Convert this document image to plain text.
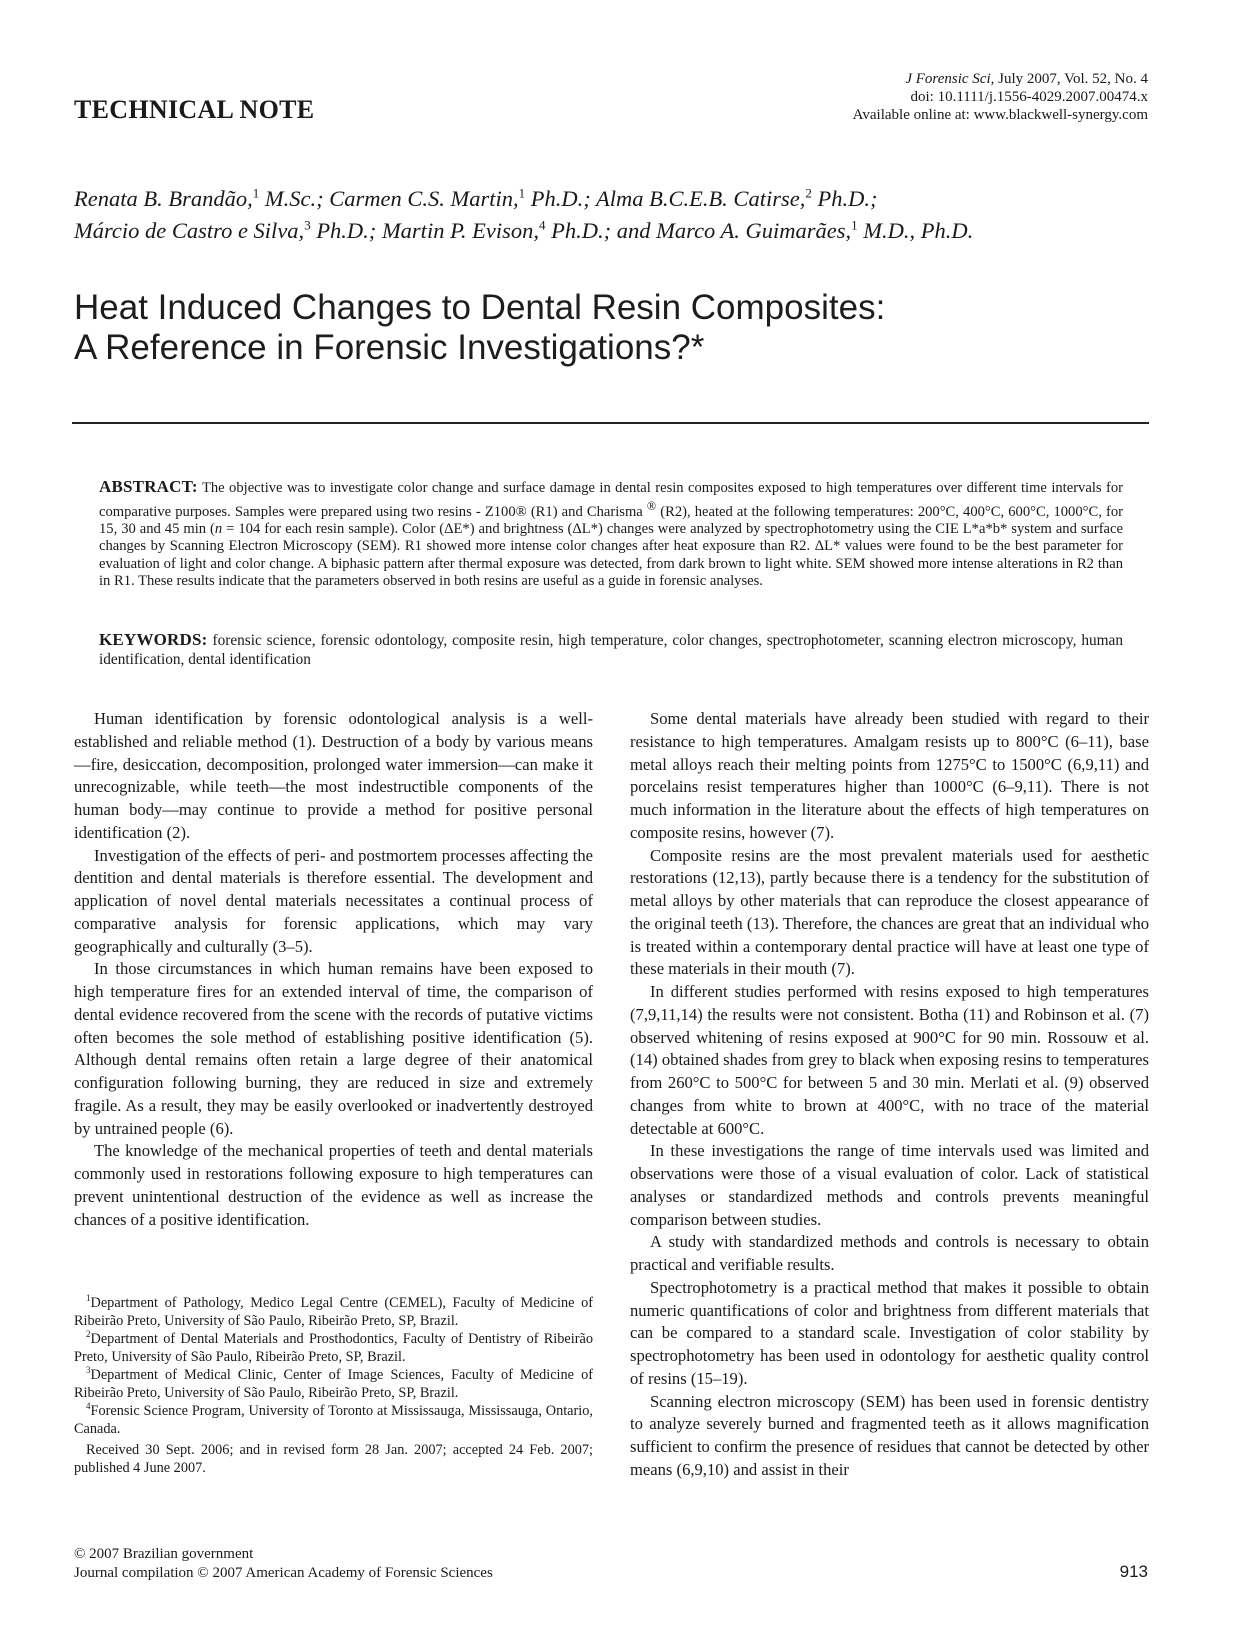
TECHNICAL NOTE
J Forensic Sci, July 2007, Vol. 52, No. 4
doi: 10.1111/j.1556-4029.2007.00474.x
Available online at: www.blackwell-synergy.com
Renata B. Brandão,$^1$ M.Sc.; Carmen C.S. Martin,$^1$ Ph.D.; Alma B.C.E.B. Catirse,$^2$ Ph.D.;
Márcio de Castro e Silva,$^3$ Ph.D.; Martin P. Evison,$^4$ Ph.D.; and Marco A. Guimarães,$^1$ M.D., Ph.D.
Heat Induced Changes to Dental Resin Composites:
A Reference in Forensic Investigations?*
ABSTRACT: The objective was to investigate color change and surface damage in dental resin composites exposed to high temperatures over different time intervals for comparative purposes. Samples were prepared using two resins - Z100® (R1) and Charisma ® (R2), heated at the following temperatures: 200°C, 400°C, 600°C, 1000°C, for 15, 30 and 45 min (n = 104 for each resin sample). Color (ΔE*) and brightness (ΔL*) changes were analyzed by spectrophotometry using the CIE L*a*b* system and surface changes by Scanning Electron Microscopy (SEM). R1 showed more intense color changes after heat exposure than R2. ΔL* values were found to be the best parameter for evaluation of light and color change. A biphasic pattern after thermal exposure was detected, from dark brown to light white. SEM showed more intense alterations in R2 than in R1. These results indicate that the parameters observed in both resins are useful as a guide in forensic analyses.
KEYWORDS: forensic science, forensic odontology, composite resin, high temperature, color changes, spectrophotometer, scanning electron microscopy, human identification, dental identification

Human identification by forensic odontological analysis is a well-established and reliable method (1). Destruction of a body by various means—fire, desiccation, decomposition, prolonged water immersion—can make it unrecognizable, while teeth—the most indestructible components of the human body—may continue to provide a method for positive personal identification (2).

Investigation of the effects of peri- and postmortem processes affecting the dentition and dental materials is therefore essential. The development and application of novel dental materials necessitates a continual process of comparative analysis for forensic applications, which may vary geographically and culturally (3–5).

In those circumstances in which human remains have been exposed to high temperature fires for an extended interval of time, the comparison of dental evidence recovered from the scene with the records of putative victims often becomes the sole method of establishing positive identification (5). Although dental remains often retain a large degree of their anatomical configuration following burning, they are reduced in size and extremely fragile. As a result, they may be easily overlooked or inadvertently destroyed by untrained people (6).

The knowledge of the mechanical properties of teeth and dental materials commonly used in restorations following exposure to high temperatures can prevent unintentional destruction of the evidence as well as increase the chances of a positive identification.

$^1$Department of Pathology, Medico Legal Centre (CEMEL), Faculty of Medicine of Ribeirão Preto, University of São Paulo, Ribeirão Preto, SP, Brazil.

$^2$Department of Dental Materials and Prosthodontics, Faculty of Dentistry of Ribeirão Preto, University of São Paulo, Ribeirão Preto, SP, Brazil.

$^3$Department of Medical Clinic, Center of Image Sciences, Faculty of Medicine of Ribeirão Preto, University of São Paulo, Ribeirão Preto, SP, Brazil.

$^4$Forensic Science Program, University of Toronto at Mississauga, Mississauga, Ontario, Canada.

Received 30 Sept. 2006; and in revised form 28 Jan. 2007; accepted 24 Feb. 2007; published 4 June 2007.

Some dental materials have already been studied with regard to their resistance to high temperatures. Amalgam resists up to 800°C (6–11), base metal alloys reach their melting points from 1275°C to 1500°C (6,9,11) and porcelains resist temperatures higher than 1000°C (6–9,11). There is not much information in the literature about the effects of high temperatures on composite resins, however (7).

Composite resins are the most prevalent materials used for aesthetic restorations (12,13), partly because there is a tendency for the substitution of metal alloys by other materials that can reproduce the closest appearance of the original teeth (13). Therefore, the chances are great that an individual who is treated within a contemporary dental practice will have at least one type of these materials in their mouth (7).

In different studies performed with resins exposed to high temperatures (7,9,11,14) the results were not consistent. Botha (11) and Robinson et al. (7) observed whitening of resins exposed at 900°C for 90 min. Rossouw et al. (14) obtained shades from grey to black when exposing resins to temperatures from 260°C to 500°C for between 5 and 30 min. Merlati et al. (9) observed changes from white to brown at 400°C, with no trace of the material detectable at 600°C.

In these investigations the range of time intervals used was limited and observations were those of a visual evaluation of color. Lack of statistical analyses or standardized methods and controls prevents meaningful comparison between studies.

A study with standardized methods and controls is necessary to obtain practical and verifiable results.

Spectrophotometry is a practical method that makes it possible to obtain numeric quantifications of color and brightness from different materials that can be compared to a standard scale. Investigation of color stability by spectrophotometry has been used in odontology for aesthetic quality control of resins (15–19).

Scanning electron microscopy (SEM) has been used in forensic dentistry to analyze severely burned and fragmented teeth as it allows magnification sufficient to confirm the presence of residues that cannot be detected by other means (6,9,10) and assist in their

© 2007 Brazilian government
Journal compilation © 2007 American Academy of Forensic Sciences	913
